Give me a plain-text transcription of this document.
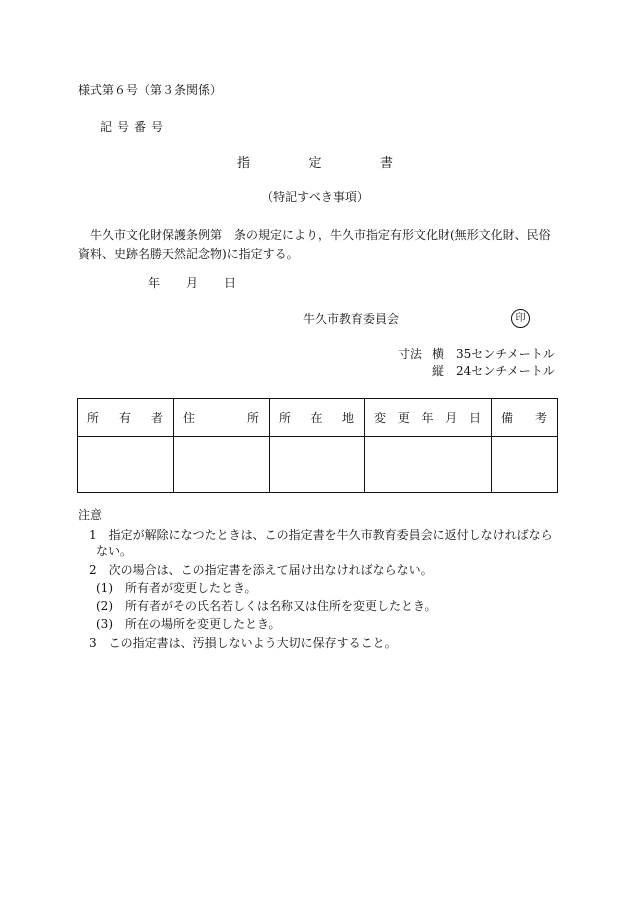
様式第６号（第３条関係）
記号番号
指	定	書
（特記すべき事項）
牛久市文化財保護条例第　条の規定により，牛久市指定有形文化財(無形文化財、民俗資料、史跡名勝天然記念物)に指定する。
年 月 日
牛久市教育委員会	印
寸法 横　35センチメートル
縦　24センチメートル
所 有 者	住 所	所 在 地	変 更 年 月 日	備 考

注意
1　指定が解除になつたときは、この指定書を牛久市教育委員会に返付しなければなら
ない。
2　次の場合は、この指定書を添えて届け出なければならない。
(1)　所有者が変更したとき。
(2)　所有者がその氏名若しくは名称又は住所を変更したとき。
(3)　所在の場所を変更したとき。
3　この指定書は、汚損しないよう大切に保存すること。
